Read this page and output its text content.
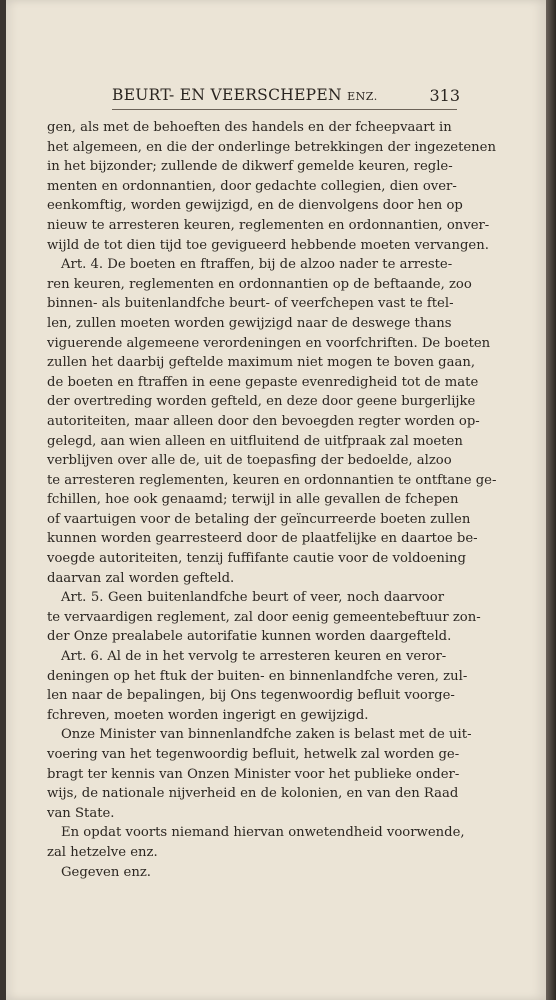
BEURT- EN VEERSCHEPEN ENZ.	313
gen, als met de behoeften des handels en der fcheepvaart in
het algemeen, en die der onderlinge betrekkingen der ingezetenen
in het bijzonder; zullende de dikwerf gemelde keuren, regle-
menten en ordonnantien, door gedachte collegien, dien over-
eenkomftig, worden gewijzigd, en de dienvolgens door hen op
nieuw te arresteren keuren, reglementen en ordonnantien, onver-
wijld de tot dien tijd toe gevigueerd hebbende moeten vervangen.
Art. 4. De boeten en ftraffen, bij de alzoo nader te arreste-
ren keuren, reglementen en ordonnantien op de beftaande, zoo
binnen- als buitenlandfche beurt- of veerfchepen vast te ftel-
len, zullen moeten worden gewijzigd naar de deswege thans
viguerende algemeene verordeningen en voorfchriften. De boeten
zullen het daarbij geftelde maximum niet mogen te boven gaan,
de boeten en ftraffen in eene gepaste evenredigheid tot de mate
der overtreding worden gefteld, en deze door geene burgerlijke
autoriteiten, maar alleen door den bevoegden regter worden op-
gelegd, aan wien alleen en uitfluitend de uitfpraak zal moeten
verblijven over alle de, uit de toepasfing der bedoelde, alzoo
te arresteren reglementen, keuren en ordonnantien te ontftane ge-
fchillen, hoe ook genaamd; terwijl in alle gevallen de fchepen
of vaartuigen voor de betaling der geïncurreerde boeten zullen
kunnen worden gearresteerd door de plaatfelijke en daartoe be-
voegde autoriteiten, tenzij fuffifante cautie voor de voldoening
daarvan zal worden gefteld.
Art. 5. Geen buitenlandfche beurt of veer, noch daarvoor
te vervaardigen reglement, zal door eenig gemeentebeftuur zon-
der Onze prealabele autorifatie kunnen worden daargefteld.
Art. 6. Al de in het vervolg te arresteren keuren en veror-
deningen op het ftuk der buiten- en binnenlandfche veren, zul-
len naar de bepalingen, bij Ons tegenwoordig befluit voorge-
fchreven, moeten worden ingerigt en gewijzigd.
Onze Minister van binnenlandfche zaken is belast met de uit-
voering van het tegenwoordig befluit, hetwelk zal worden ge-
bragt ter kennis van Onzen Minister voor het publieke onder-
wijs, de nationale nijverheid en de kolonien, en van den Raad
van State.
En opdat voorts niemand hiervan onwetendheid voorwende,
zal hetzelve enz.
Gegeven enz.
